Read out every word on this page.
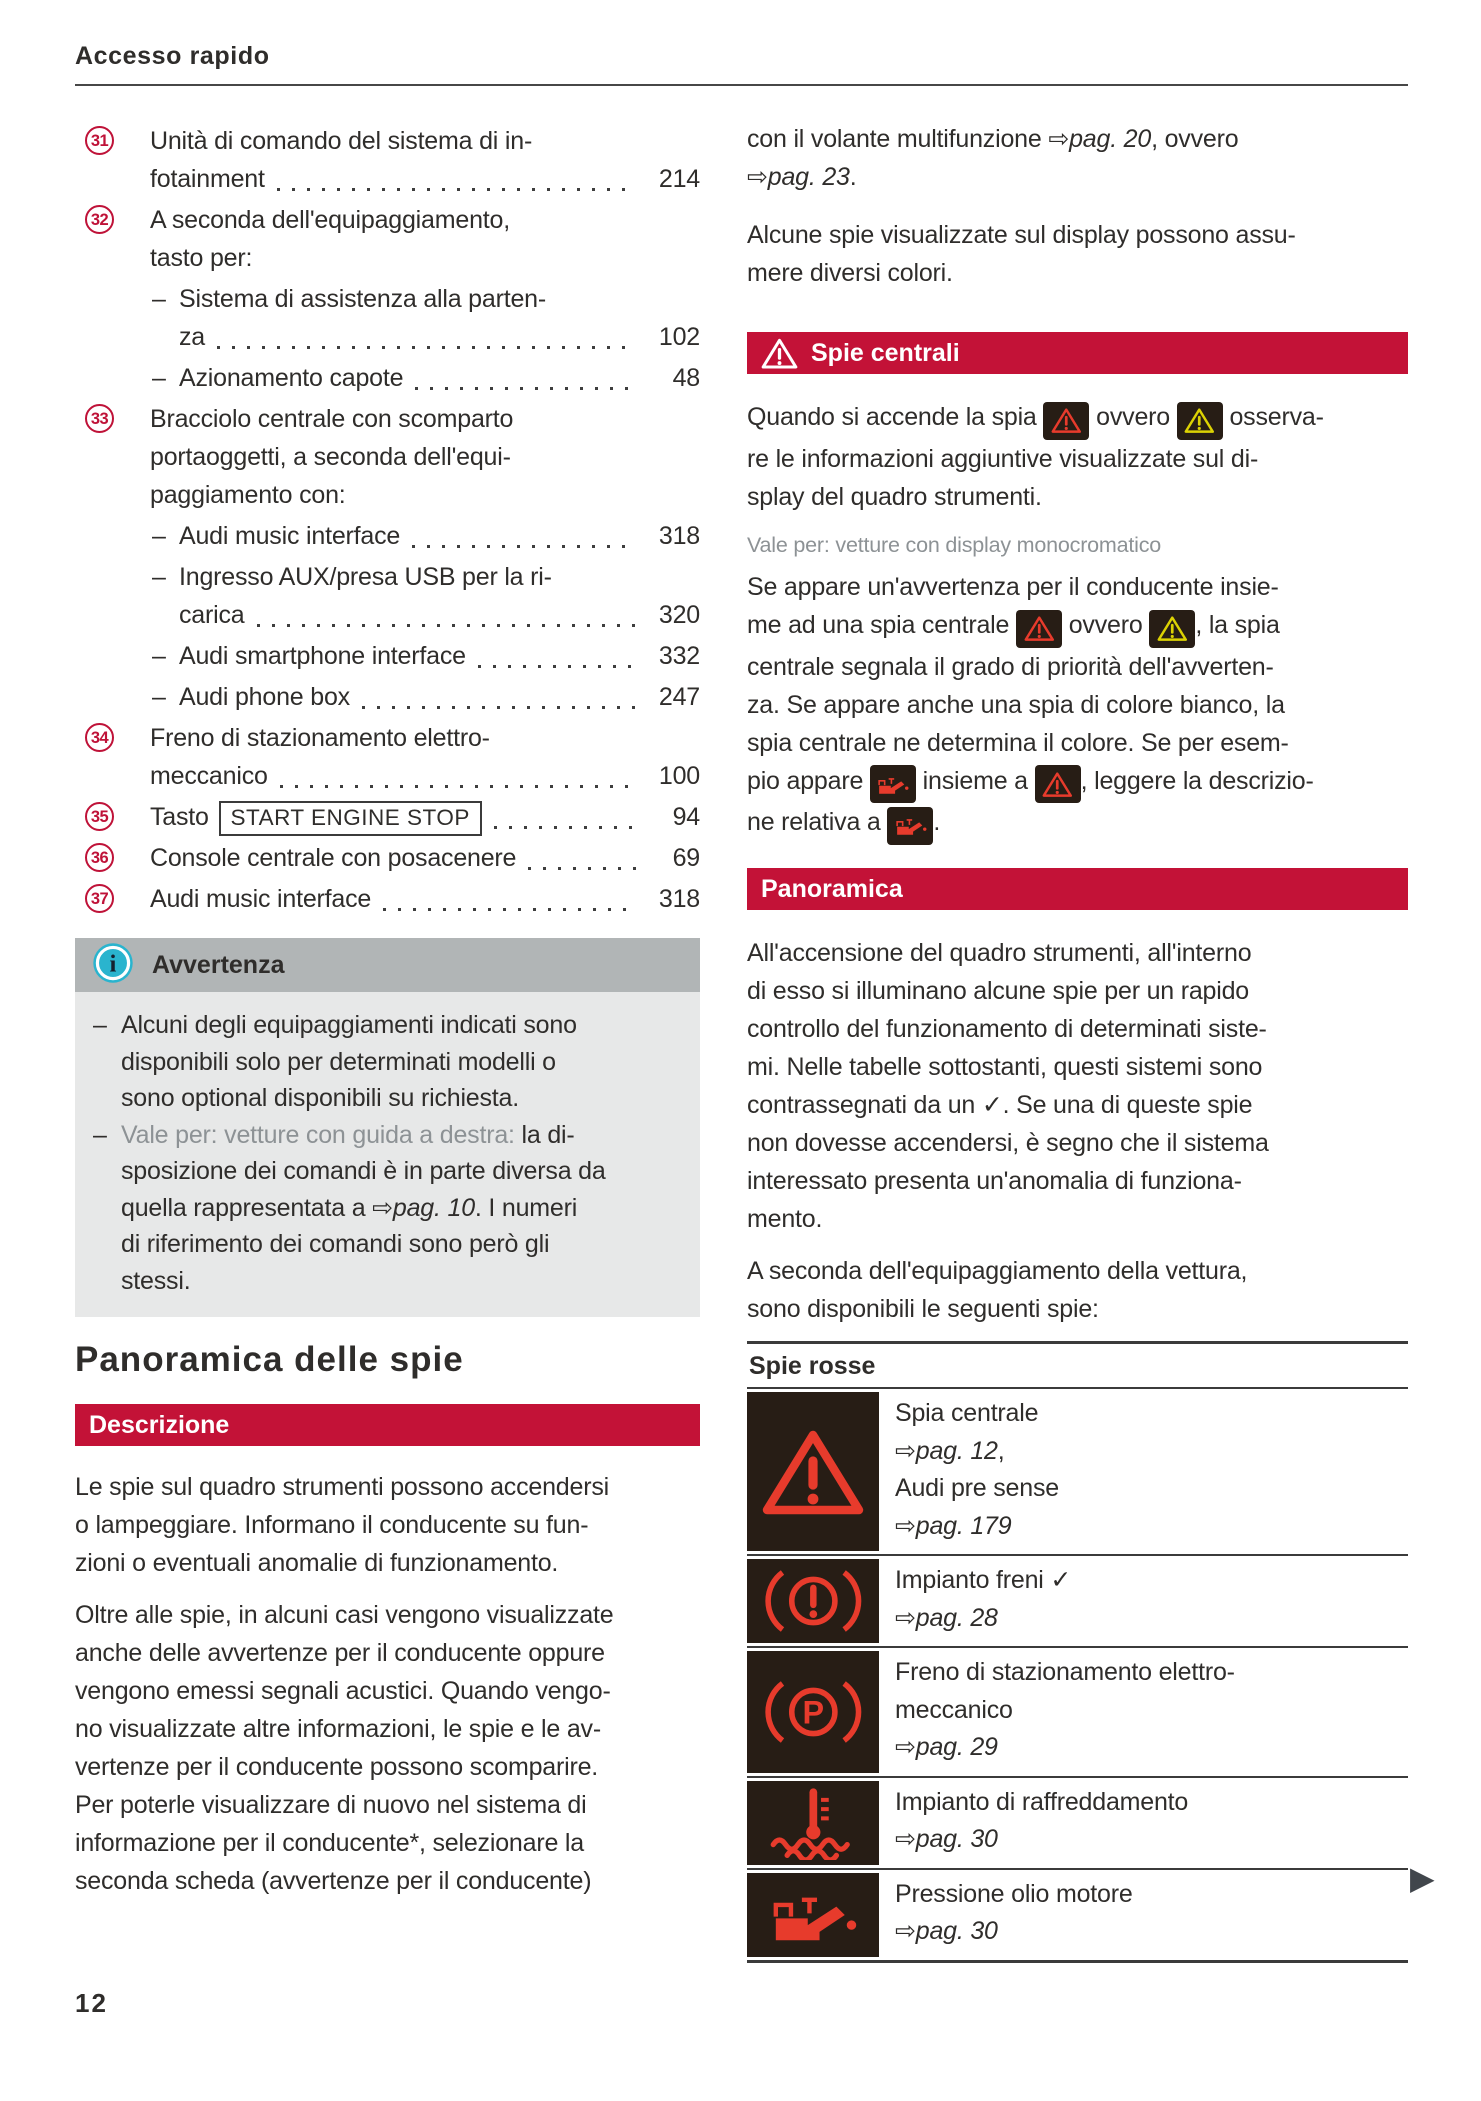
Accesso rapido
31 Unità di comando del sistema di in-
fotainment	214
32 A seconda dell'equipaggiamento,
tasto per:
– Sistema di assistenza alla parten-
za	102
– Azionamento capote	48
33 Bracciolo centrale con scomparto
portaoggetti, a seconda dell'equi-
paggiamento con:
– Audi music interface	318
– Ingresso AUX/presa USB per la ri-
carica	320
– Audi smartphone interface	332
– Audi phone box	247
34 Freno di stazionamento elettro-
meccanico	100
35 Tasto START ENGINE STOP	94
36 Console centrale con posacenere	69
37 Audi music interface	318
i Avvertenza
– Alcuni degli equipaggiamenti indicati sono
disponibili solo per determinati modelli o
sono optional disponibili su richiesta.
– Vale per: vetture con guida a destra: la di-
sposizione dei comandi è in parte diversa da
quella rappresentata a ⇨pag. 10. I numeri
di riferimento dei comandi sono però gli
stessi.
Panoramica delle spie
Descrizione
Le spie sul quadro strumenti possono accendersi
o lampeggiare. Informano il conducente su fun-
zioni o eventuali anomalie di funzionamento.
Oltre alle spie, in alcuni casi vengono visualizzate
anche delle avvertenze per il conducente oppure
vengono emessi segnali acustici. Quando vengo-
no visualizzate altre informazioni, le spie e le av-
vertenze per il conducente possono scomparire.
Per poterle visualizzare di nuovo nel sistema di
informazione per il conducente*, selezionare la
seconda scheda (avvertenze per il conducente)
12
con il volante multifunzione ⇨pag. 20, ovvero
⇨pag. 23.
Alcune spie visualizzate sul display possono assu-
mere diversi colori.
Spie centrali
Quando si accende la spia
ovvero
osserva-
re le informazioni aggiuntive visualizzate sul di-
splay del quadro strumenti.
Vale per: vetture con display monocromatico
Se appare un'avvertenza per il conducente insie-
me ad una spia centrale
ovvero
, la spia
centrale segnala il grado di priorità dell'avverten-
za. Se appare anche una spia di colore bianco, la
spia centrale ne determina il colore. Se per esem-
pio appare
insieme a
, leggere la descrizio-
ne relativa a
.
Panoramica
All'accensione del quadro strumenti, all'interno
di esso si illuminano alcune spie per un rapido
controllo del funzionamento di determinati siste-
mi. Nelle tabelle sottostanti, questi sistemi sono
contrassegnati da un ✓. Se una di queste spie
non dovesse accendersi, è segno che il sistema
interessato presenta un'anomalia di funziona-
mento.
A seconda dell'equipaggiamento della vettura,
sono disponibili le seguenti spie:
Spie rosse
Spia centrale
⇨pag. 12,
Audi pre sense
⇨pag. 179
Impianto freni ✓
⇨pag. 28
P
Freno di stazionamento elettro-
meccanico
⇨pag. 29
Impianto di raffreddamento
⇨pag. 30
Pressione olio motore
⇨pag. 30
▶
